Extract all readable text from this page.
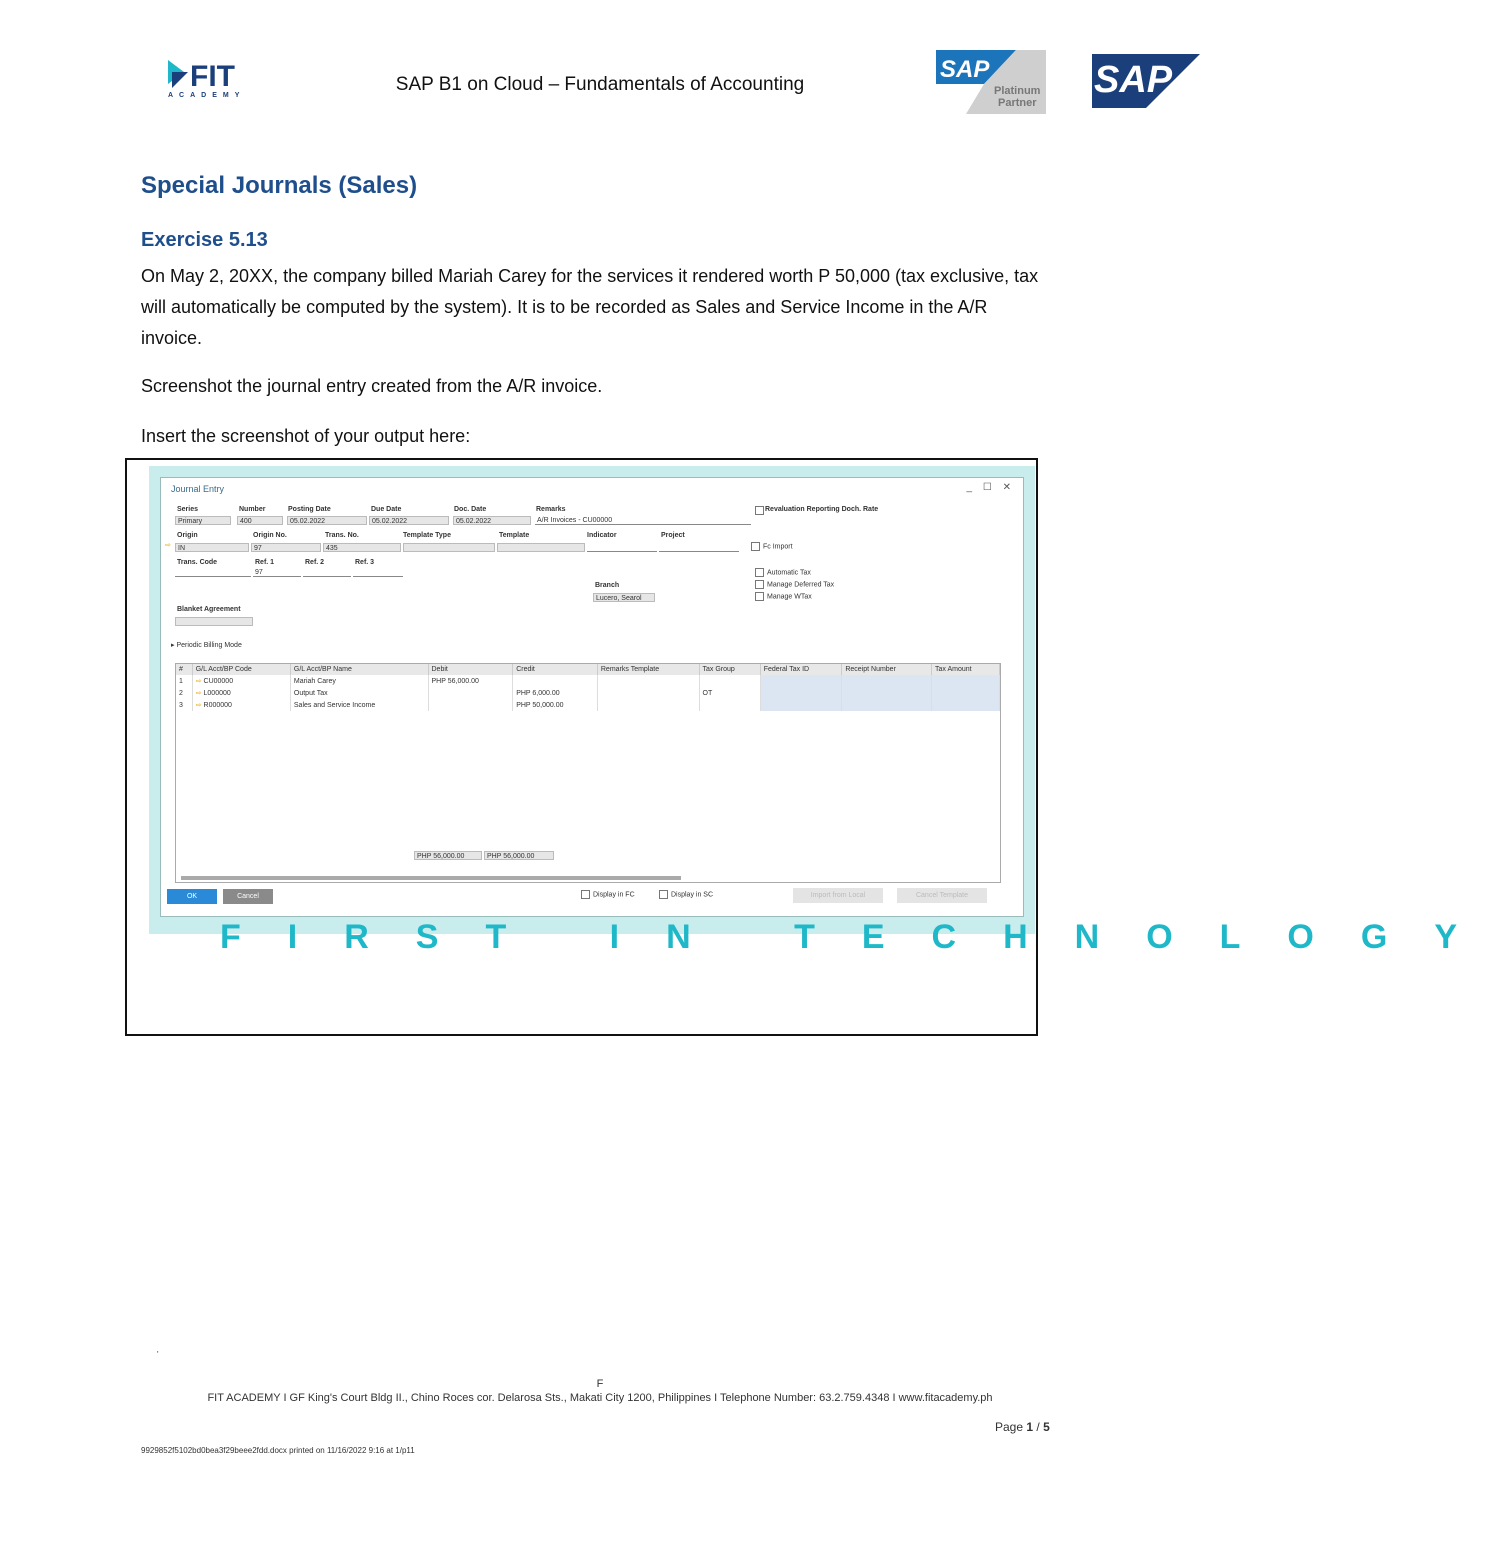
FIT
ACADEMY
SAP B1 on Cloud – Fundamentals of Accounting
SAP
Platinum
Partner
SAP
Special Journals (Sales)
Exercise 5.13
On May 2, 20XX, the company billed Mariah Carey for the services it rendered worth P 50,000 (tax exclusive, tax will automatically be computed by the system). It is to be recorded as Sales and Service Income in the A/R invoice.
Screenshot the journal entry created from the A/R invoice.
Insert the screenshot of your output here:
FIRST IN TECHNOLOGY
Journal Entry	_ ☐ ✕
Series	Number	Posting Date	Due Date	Doc. Date	Remarks	Revaluation Reporting Doch. Rate
Primary	400	05.02.2022	05.02.2022	05.02.2022	A/R Invoices - CU00000
Origin	Origin No.	Trans. No.	Template Type	Template	Indicator	Project
⇨	IN	97	435	Fc Import
Trans. Code	Ref. 1	Ref. 2	Ref. 3
97	Automatic Tax
Manage Deferred Tax
Manage WTax
Branch
Lucero, Searol
Blanket Agreement
▸ Periodic Billing Mode
#	G/L Acct/BP Code	G/L Acct/BP Name	Debit	Credit	Remarks Template	Tax Group	Federal Tax ID	Receipt Number	Tax Amount
1	⇨ CU00000	Mariah Carey	PHP 56,000.00						
2	⇨ L000000	Output Tax		PHP 6,000.00		OT			
3	⇨ R000000	Sales and Service Income		PHP 50,000.00					
PHP 56,000.00	PHP 56,000.00
OK	Cancel	Display in FC	Display in SC	Import from Local	Cancel Template
'
F
FIT ACADEMY I GF King's Court Bldg II., Chino Roces cor. Delarosa Sts., Makati City 1200, Philippines I Telephone Number: 63.2.759.4348 I www.fitacademy.ph
Page 1 / 5
9929852f5102bd0bea3f29beee2fdd.docx printed on 11/16/2022 9:16 at 1/p11
